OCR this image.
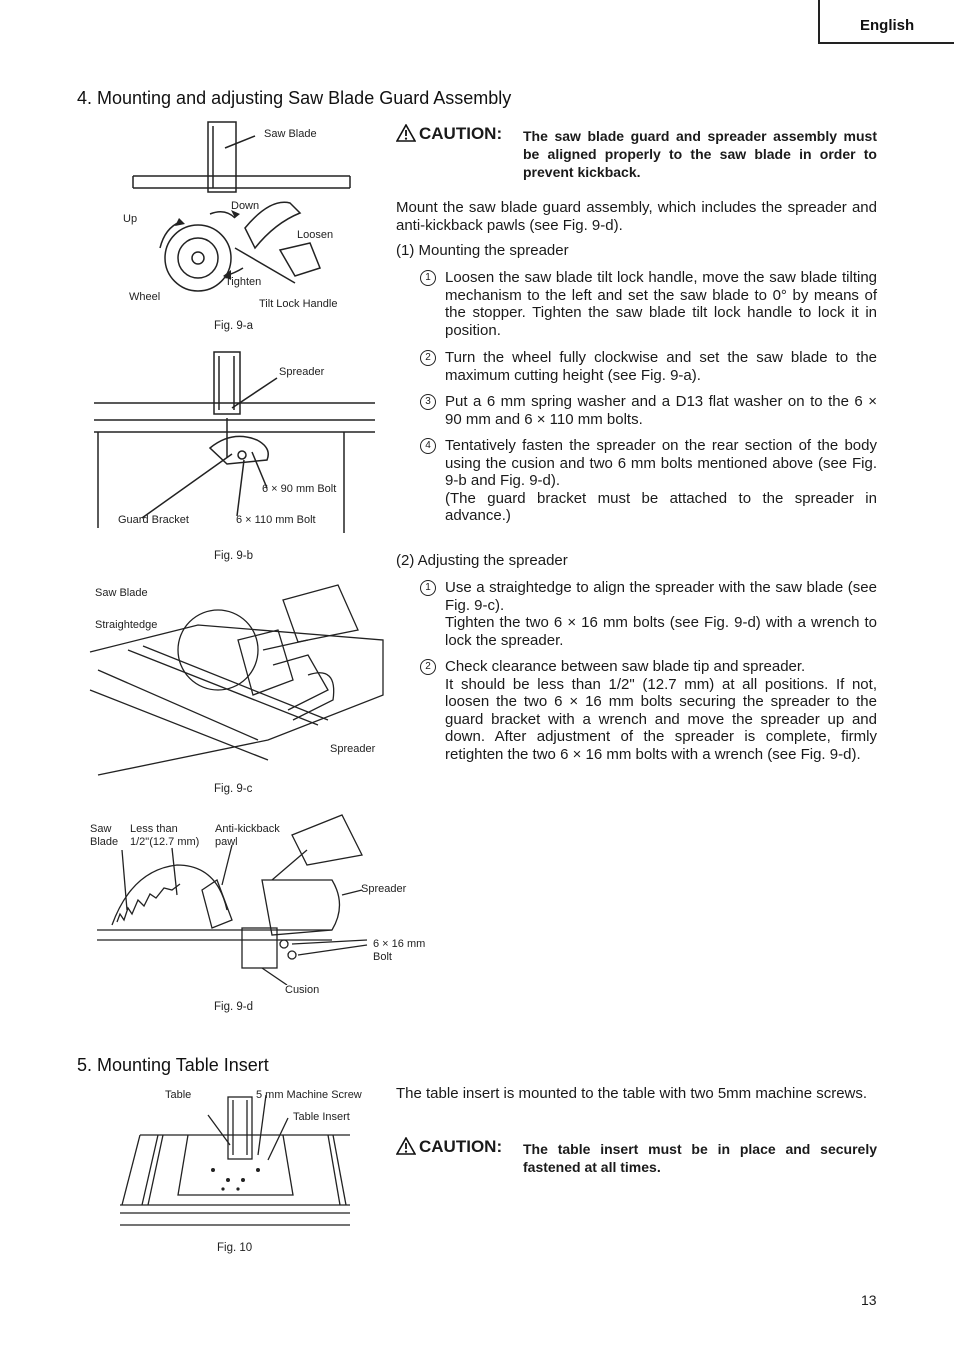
English
4. Mounting and adjusting Saw Blade Guard Assembly
Saw Blade
Down
Up
Loosen
Tighten
Wheel
Tilt Lock Handle
Fig. 9-a
Spreader
6 × 90 mm Bolt
Guard Bracket	6 × 110 mm Bolt
Fig. 9-b
Saw Blade
Straightedge
Spreader
Fig. 9-c
Saw
Blade
Less than
1/2"(12.7 mm)
Anti-kickback
pawl
Spreader
6 × 16 mm
Bolt
Cusion
Fig. 9-d
CAUTION: The saw blade guard and spreader assembly must be aligned properly to the saw blade in order to prevent kickback.
Mount the saw blade guard assembly, which includes the spreader and anti-kickback pawls (see Fig. 9-d).
(1) Mounting the spreader
1 Loosen the saw blade tilt lock handle, move the saw blade tilting mechanism to the left and set the saw blade to 0° by means of the stopper. Tighten the saw blade tilt lock handle to lock it in position.
2 Turn the wheel fully clockwise and set the saw blade to the maximum cutting height (see Fig. 9-a).
3 Put a 6 mm spring washer and a D13 flat washer on to the 6 × 90 mm and 6 × 110 mm bolts.
4 Tentatively fasten the spreader on the rear section of the body using the cusion and two 6 mm bolts mentioned above (see Fig. 9-b and Fig. 9-d).
(The guard bracket must be attached to the spreader in advance.)
(2) Adjusting the spreader
1 Use a straightedge to align the spreader with the saw blade (see Fig. 9-c).
Tighten the two 6 × 16 mm bolts (see Fig. 9-d) with a wrench to lock the spreader.
2 Check clearance between saw blade tip and spreader.
It should be less than 1/2" (12.7 mm) at all positions. If not, loosen the two 6 × 16 mm bolts securing the spreader to the guard bracket with a wrench and move the spreader up and down. After adjustment of the spreader is complete, firmly retighten the two 6 × 16 mm bolts with a wrench (see Fig. 9-d).
5. Mounting Table Insert
Table	5 mm Machine Screw
Table Insert
Fig. 10
The table insert is mounted to the table with two 5mm machine screws.
CAUTION: The table insert must be in place and securely fastened at all times.
13
